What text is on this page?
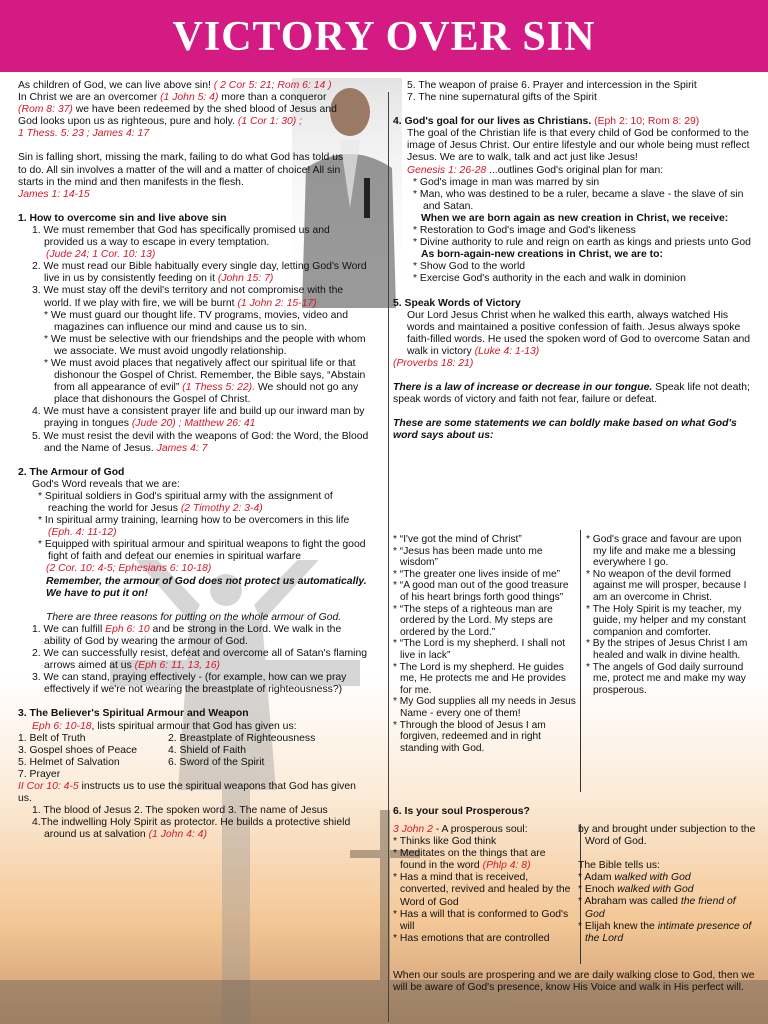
VICTORY OVER SIN

As children of God, we can live above sin! ( 2 Cor 5: 21; Rom 6: 14 )

In Christ we are an overcomer (1 John 5: 4) more than a conqueror

(Rom 8: 37) we have been redeemed by the shed blood of Jesus and

God looks upon us as righteous, pure and holy. (1 Cor 1: 30) ;

1 Thess. 5: 23 ; James 4: 17

Sin is falling short, missing the mark, failing to do what God has told us

to do. All sin involves a matter of the will and a matter of choice! All sin

starts in the mind and then manifests in the flesh.

James 1: 14-15

1. How to overcome sin and live above sin

1. We must remember that God has specifically promised us and provided us a way to escape in every temptation.

(Jude 24; 1 Cor. 10: 13)

2. We must read our Bible habitually every single day, letting God's Word live in us by consistently feeding on it (John 15: 7)

3. We must stay off the devil's territory and not compromise with the world. If we play with fire, we will be burnt (1 John 2: 15-17)

* We must guard our thought life. TV programs, movies, video and magazines can influence our mind and cause us to sin.

* We must be selective with our friendships and the people with whom we associate. We must avoid ungodly relationship.

* We must avoid places that negatively affect our spiritual life or that dishonour the Gospel of Christ. Remember, the Bible says, “Abstain from all appearance of evil” (1 Thess 5: 22). We should not go any place that dishonours the Gospel of Christ.

4. We must have a consistent prayer life and build up our inward man by praying in tongues (Jude 20) ; Matthew 26: 41

5. We must resist the devil with the weapons of God: the Word, the Blood and the Name of Jesus. James 4: 7

2. The Armour of God

God's Word reveals that we are:

* Spiritual soldiers in God's spiritual army with the assignment of reaching the world for Jesus (2 Timothy 2: 3-4)

* In spiritual army training, learning how to be overcomers in this life (Eph. 4: 11-12)

* Equipped with spiritual armour and spiritual weapons to fight the good fight of faith and defeat our enemies in spiritual warfare

(2 Cor. 10: 4-5; Ephesians 6: 10-18)

Remember, the armour of God does not protect us automatically. We have to put it on!

There are three reasons for putting on the whole armour of God.

1. We can fulfill Eph 6: 10 and be strong in the Lord. We walk in the ability of God by wearing the armour of God.

2. We can successfully resist, defeat and overcome all of Satan's flaming arrows aimed at us (Eph 6: 11, 13, 16)

3. We can stand, praying effectively - (for example, how can we pray effectively if we're not wearing the breastplate of righteousness?)

3. The Believer's Spiritual Armour and Weapon

Eph 6: 10-18, lists spiritual armour that God has given us:

1. Belt of Truth	2. Breastplate of Righteousness
3. Gospel shoes of Peace	4. Shield of Faith
5. Helmet of Salvation	6. Sword of the Spirit
7. Prayer

II Cor 10: 4-5 instructs us to use the spiritual weapons that God has given us.

1. The blood of Jesus 2. The spoken word 3. The name of Jesus

4.The indwelling Holy Spirit as protector. He builds a protective shield around us at salvation (1 John 4: 4)

5. The weapon of praise 6. Prayer and intercession in the Spirit

7. The nine supernatural gifts of the Spirit

4. God's goal for our lives as Christians. (Eph 2: 10; Rom 8: 29)

The goal of the Christian life is that every child of God be conformed to the image of Jesus Christ. Our entire lifestyle and our whole being must reflect Jesus. We are to walk, talk and act just like Jesus!

Genesis 1: 26-28 ...outlines God's original plan for man:

* God's image in man was marred by sin

* Man, who was destined to be a ruler, became a slave - the slave of sin and Satan.

When we are born again as new creation in Christ, we receive:

* Restoration to God's image and God's likeness

* Divine authority to rule and reign on earth as kings and priests unto God

As born-again-new creations in Christ, we are to:

* Show God to the world

* Exercise God's authority in the each and walk in dominion

5. Speak Words of Victory

Our Lord Jesus Christ when he walked this earth, always watched His words and maintained a positive confession of faith. Jesus always spoke faith-filled words. He used the spoken word of God to overcome Satan and walk in victory (Luke 4: 1-13)

(Proverbs 18: 21)

There is a law of increase or decrease in our tongue. Speak life not death; speak words of victory and faith not fear, failure or defeat.

These are some statements we can boldly make based on what God's word says about us:

* “I've got the mind of Christ”

* “Jesus has been made unto me wisdom”

* “The greater one lives inside of me”

* “A good man out of the good treasure of his heart brings forth good things”

* “The steps of a righteous man are ordered by the Lord. My steps are ordered by the Lord.”

* “The Lord is my shepherd. I shall not live in lack”

* The Lord is my shepherd. He guides me, He protects me and He provides for me.

* My God supplies all my needs in Jesus Name - every one of them!

* Through the blood of Jesus I am forgiven, redeemed and in right standing with God.

* God's grace and favour are upon my life and make me a blessing everywhere I go.

* No weapon of the devil formed against me will prosper, because I am an overcome in Christ.

* The Holy Spirit is my teacher, my guide, my helper and my constant companion and comforter.

* By the stripes of Jesus Christ I am healed and walk in divine health.

* The angels of God daily surround me, protect me and make my way prosperous.

6. Is your soul Prosperous?

3 John 2 - A prosperous soul:

* Thinks like God think

* Meditates on the things that are found in the word (Phlp 4: 8)

* Has a mind that is received, converted, revived and healed by the Word of God

* Has a will that is conformed to God's will

* Has emotions that are controlled

by and brought under subjection to the Word of God.

The Bible tells us:

* Adam walked with God

* Enoch walked with God

* Abraham was called the friend of God

* Elijah knew the intimate presence of the Lord

When our souls are prospering and we are daily walking close to God, then we will be aware of God's presence, know His Voice and walk in His perfect will.
